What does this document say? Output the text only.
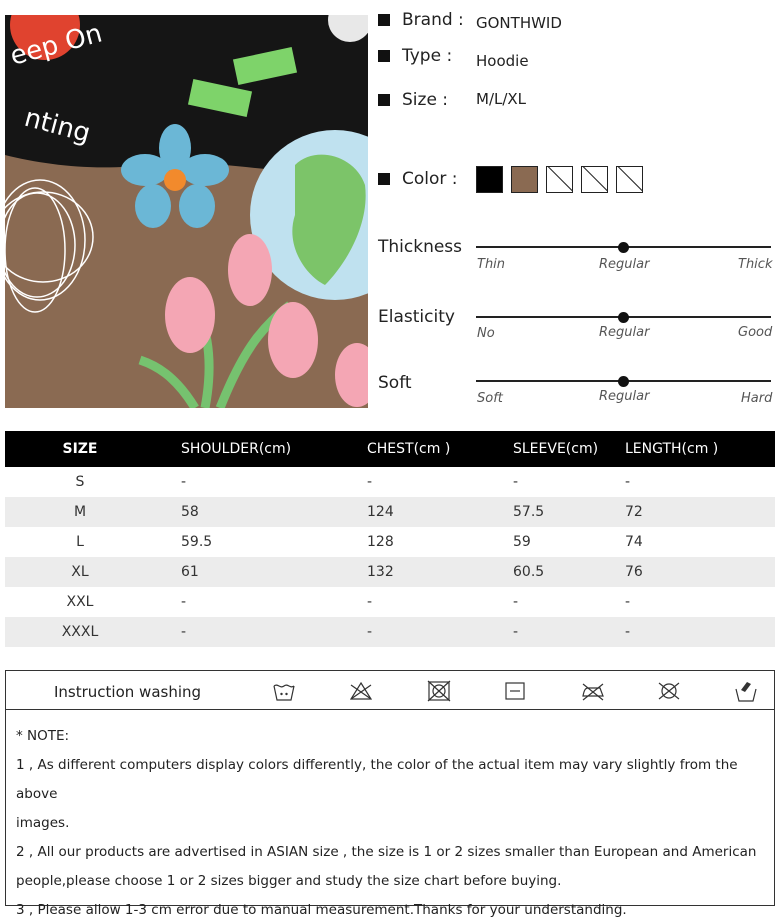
eep On
nting
Brand : GONTHWID
Type : Hoodie
Size : M/L/XL
Color :
Thickness
Thin	Regular	Thick
Elasticity
No	Regular	Good
Soft
Soft	Regular	Hard
SIZE	SHOULDER(cm)	CHEST(cm )	SLEEVE(cm)	LENGTH(cm )
S	-	-	-	-
M	58	124	57.5	72
L	59.5	128	59	74
XL	61	132	60.5	76
XXL	-	-	-	-
XXXL	-	-	-	-
Instruction washing
* NOTE:
1 , As different computers display colors differently, the color of the actual item may vary slightly from the above
images.
2 , All our products are advertised in ASIAN size , the size is 1 or 2 sizes smaller than European and American
people,please choose 1 or 2 sizes bigger and study the size chart before buying.
3 , Please allow 1-3 cm error due to manual measurement.Thanks for your understanding.
